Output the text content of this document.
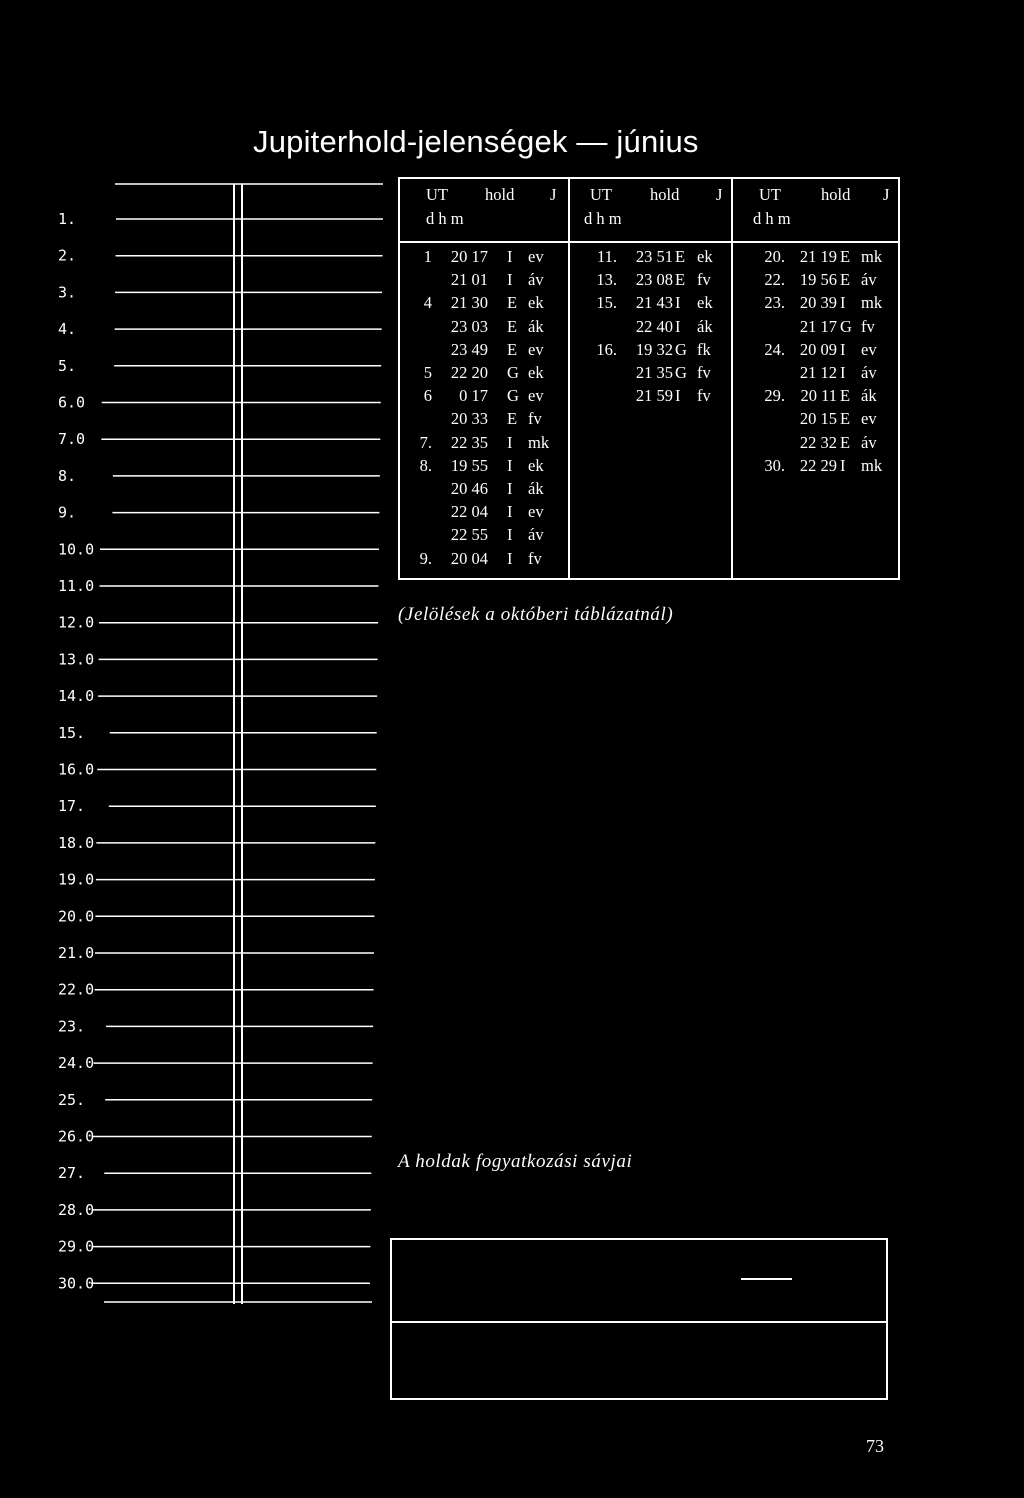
Jupiterhold-jelenségek — június
1.
2.
3.
4.
5.
6.0
7.0
8.
9.
10.0
11.0
12.0
13.0
14.0
15.
16.0
17.
18.0
19.0
20.0
21.0
22.0
23.
24.0
25.
26.0
27.
28.0
29.0
30.0
UT hold J
d h m
1	20 17 I ev
21 01 I áv
4	21 30 E ek
23 03 E ák
23 49 E ev
5	22 20 G ek
6	0 17 G ev
20 33 E fv
7.	22 35 I mk
8.	19 55 I ek
20 46 I ák
22 04 I ev
22 55 I áv
9.	20 04 I fv
UT hold J
d h m
11.	23 51 E ek
13.	23 08 E fv
15.	21 43 I	ek
22 40 I	ák
16.	19 32 G fk
21 35 G fv
21 59 I	fv
UT hold J
d h m
20. 21 19 E mk
22. 19 56 E áv
23. 20 39 I mk
21 17 G fv
24. 20 09 I ev
21 12 I áv
29. 20 11 E ák
20 15 E ev
22 32 E áv
30. 22 29 I mk
(Jelölések a októberi táblázatnál)
A holdak fogyatkozási sávjai
73
